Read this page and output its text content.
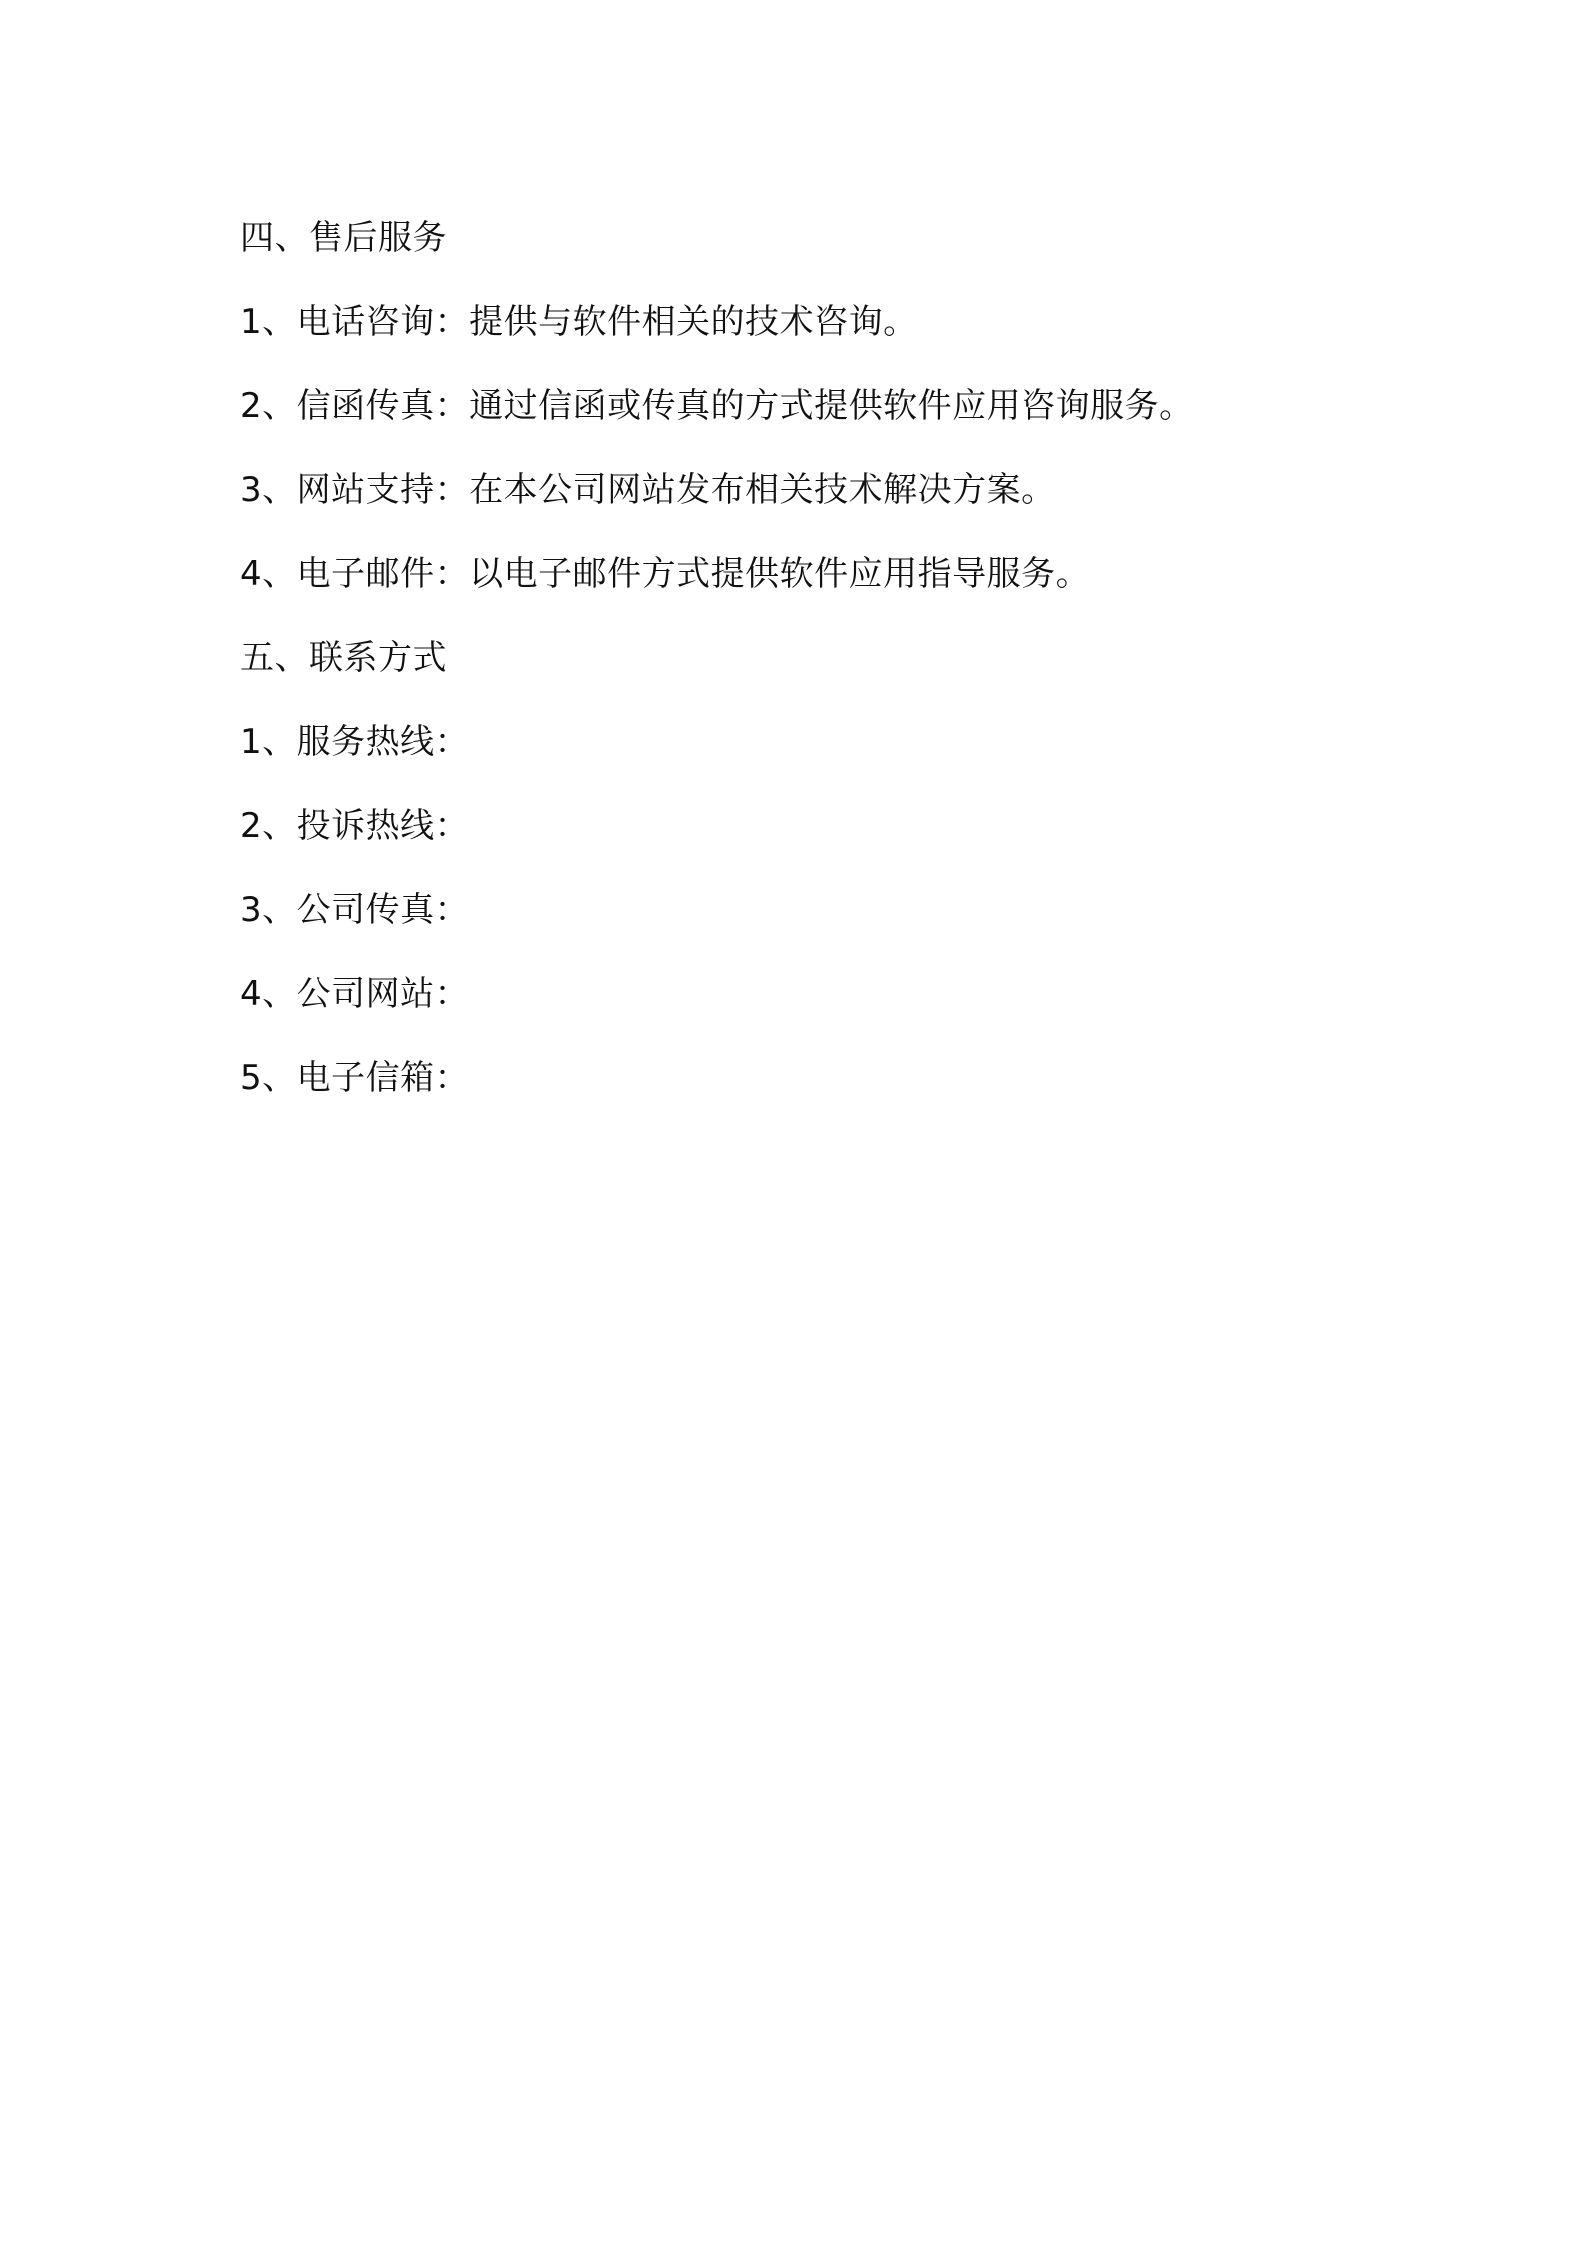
四、售后服务
1、电话咨询：提供与软件相关的技术咨询。
2、信函传真：通过信函或传真的方式提供软件应用咨询服务。
3、网站支持：在本公司网站发布相关技术解决方案。
4、电子邮件：以电子邮件方式提供软件应用指导服务。
五、联系方式
1、服务热线：
2、投诉热线：
3、公司传真：
4、公司网站：
5、电子信箱：
